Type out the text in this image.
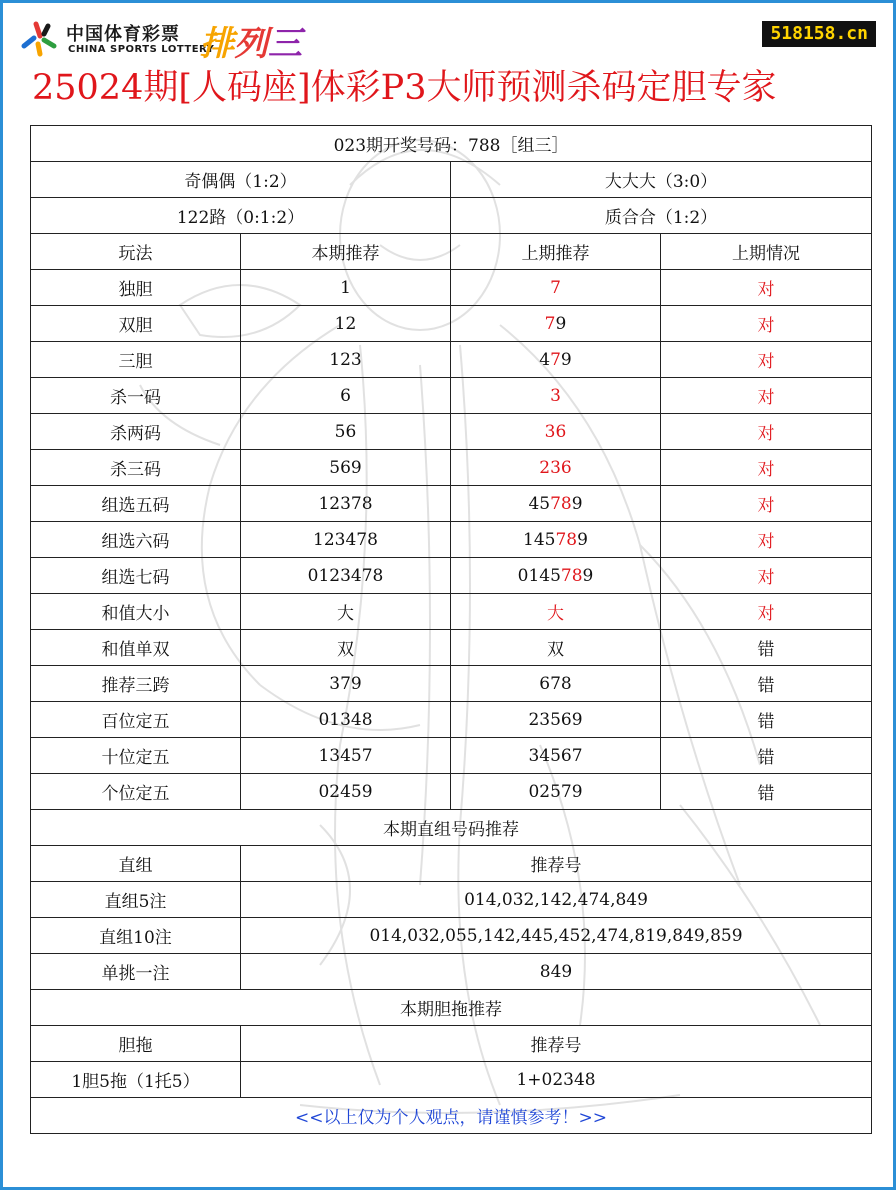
中国体育彩票
CHINA SPORTS LOTTERY
排列三	518158.cn
25024期[人码座]体彩P3大师预测杀码定胆专家
023期开奖号码：788［组三］			
奇偶偶（1:2）		大大大（3:0）	
122路（0:1:2）		质合合（1:2）	
玩法	本期推荐	上期推荐	上期情况
独胆	1	7	对
双胆	12	79	对
三胆	123	479	对
杀一码	6	3	对
杀两码	56	36	对
杀三码	569	236	对
组选五码	12378	45789	对
组选六码	123478	145789	对
组选七码	0123478	0145789	对
和值大小	大	大	对
和值单双	双	双	错
推荐三跨	379	678	错
百位定五	01348	23569	错
十位定五	13457	34567	错
个位定五	02459	02579	错
本期直组号码推荐			
直组	推荐号		
直组5注	014,032,142,474,849		
直组10注	014,032,055,142,445,452,474,819,849,859		
单挑一注	849		
本期胆拖推荐			
胆拖	推荐号		
1胆5拖（1托5）	1+02348		
<<以上仅为个人观点，请谨慎参考！>>			
